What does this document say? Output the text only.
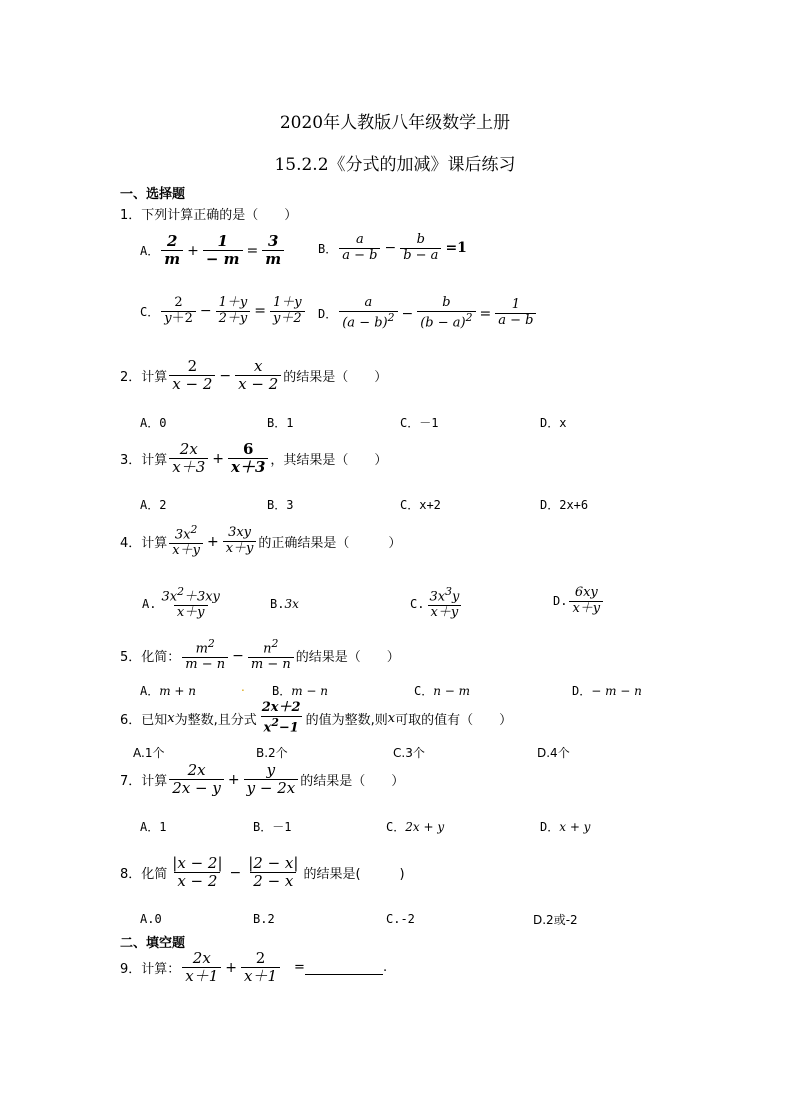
2020年人教版八年级数学上册
15.2.2《分式的加减》课后练习
一、选择题
1．下列计算正确的是（　　）
A． $\frac{2}{m} + \frac{1}{- m} = \frac{3}{m}$	B． $\frac{a}{a - b} - \frac{b}{b - a} =1$
C． $\frac{2}{y+2} - \frac{1+y}{2+y} = \frac{1+y}{y+2}$ D． $\frac{a}{(a - b)^2} - \frac{b}{(b - a)^2} = \frac{1}{a - b}$
2．计算 $\frac{2}{x - 2} - \frac{x}{x - 2}$ 的结果是（　　）
A．0	B．1	C．－1	D．x
3．计算 $\frac{2x}{x+3} + \frac{6}{x+3}$ ，其结果是（　　）
A．2	B．3	C．x+2	D．2x+6
4．计算 $\frac{3x^2}{x+y} + \frac{3xy}{x+y}$ 的正确结果是（　　　）
A. $\frac{3x^2+3xy}{x+y}$	B. 3x	C. $\frac{3x^3y}{x+y}$	D. $\frac{6xy}{x+y}$
5．化简： $\frac{m^2}{m - n} - \frac{n^2}{m - n}$ 的结果是（　　）
A． m + n	. B． m − n	C． n − m	D． − m − n
6．已知 x 为整数,且分式 $\frac{2x+2}{x^2-1}$ 的值为整数,则 x 可取的值有（　　）
A.1个	B.2个	C.3个	D.4个
7．计算 $\frac{2x}{2x - y} + \frac{y}{y - 2x}$ 的结果是（　　）
A．1	B．－1	C． 2x + y	D． x + y
8．化简 $\frac{|x - 2|}{x - 2} - \frac{|2 - x|}{2 - x}$ 的结果是(　　　)
A.0	B.2	C.-2	D.2或-2
二、填空题
9．计算： $\frac{2x}{x+1} + \frac{2}{x+1}$ =	.
